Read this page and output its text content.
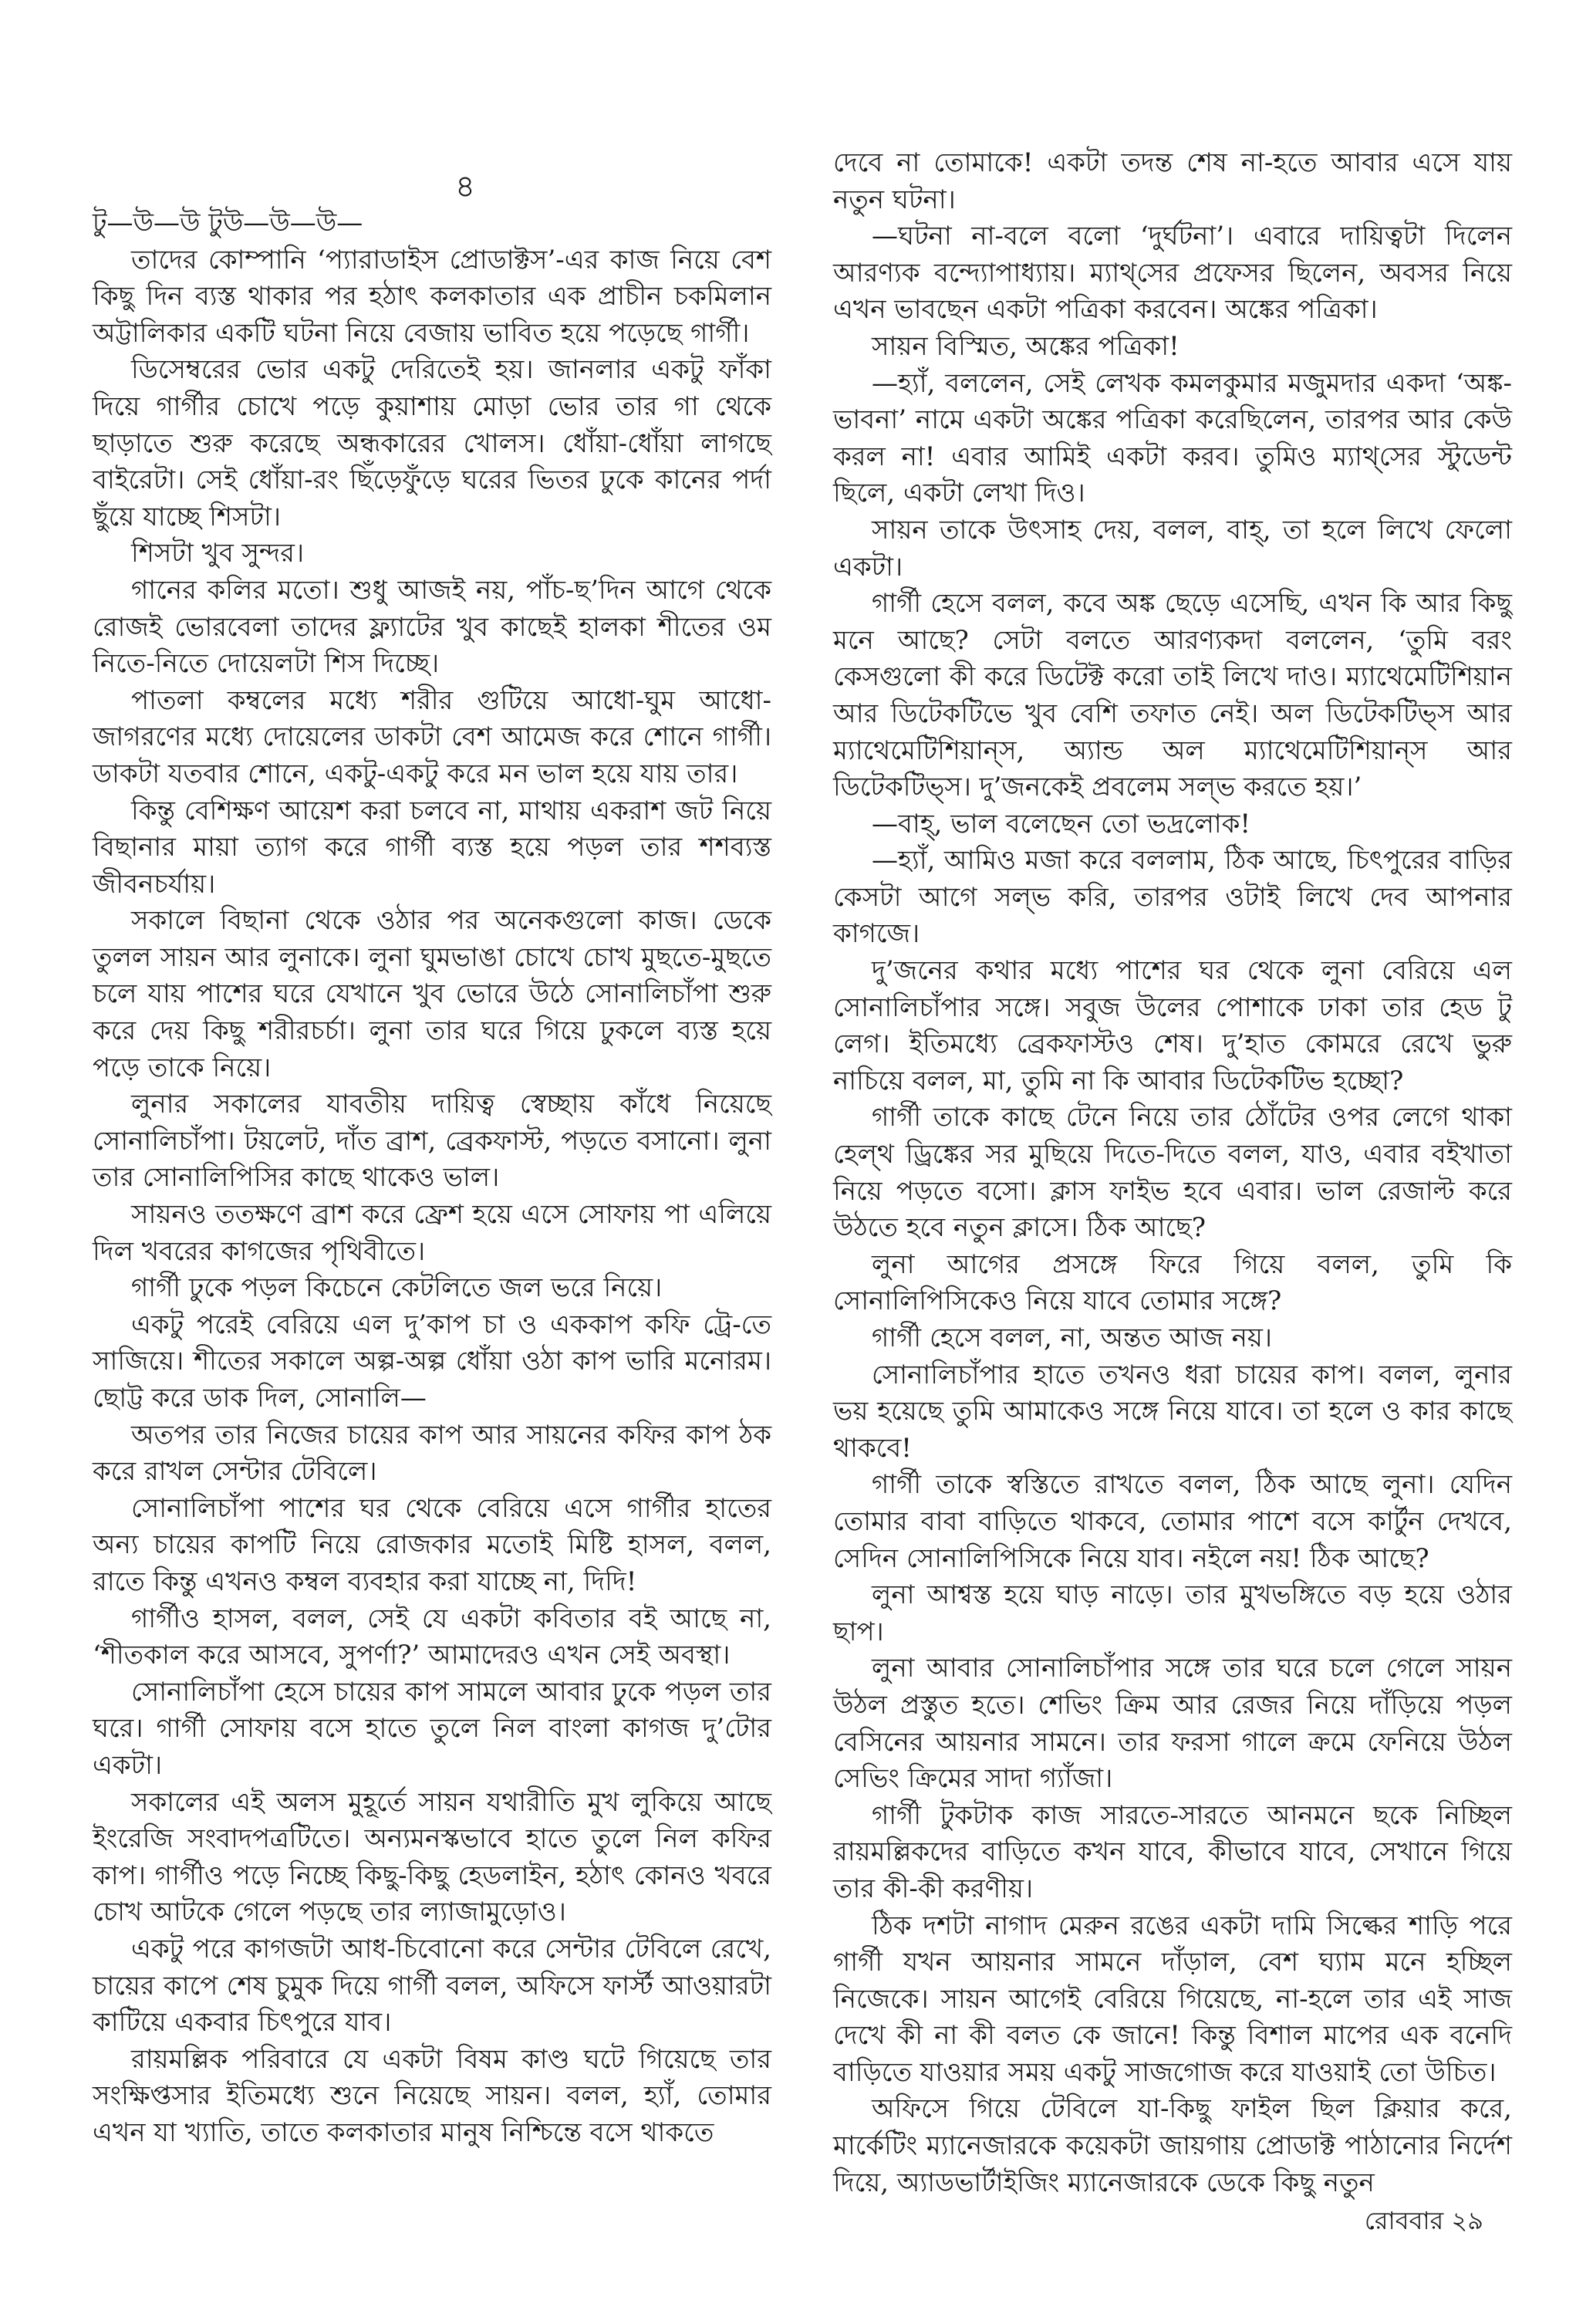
৪

টু—উ—উ টুউ—উ—উ—

তাদের কোম্পানি ‘প্যারাডাইস প্রোডাক্টস’-এর কাজ নিয়ে বেশ কিছু দিন ব্যস্ত থাকার পর হঠাৎ কলকাতার এক প্রাচীন চকমিলান অট্টালিকার একটি ঘটনা নিয়ে বেজায় ভাবিত হয়ে পড়েছে গার্গী।

ডিসেম্বরের ভোর একটু দেরিতেই হয়। জানলার একটু ফাঁকা দিয়ে গার্গীর চোখে পড়ে কুয়াশায় মোড়া ভোর তার গা থেকে ছাড়াতে শুরু করেছে অন্ধকারের খোলস। ধোঁয়া-ধোঁয়া লাগছে বাইরেটা। সেই ধোঁয়া-রং ছিঁড়েফুঁড়ে ঘরের ভিতর ঢুকে কানের পর্দা ছুঁয়ে যাচ্ছে শিসটা।

শিসটা খুব সুন্দর।

গানের কলির মতো। শুধু আজই নয়, পাঁচ-ছ’দিন আগে থেকে রোজই ভোরবেলা তাদের ফ্ল্যাটের খুব কাছেই হালকা শীতের ওম নিতে-নিতে দোয়েলটা শিস দিচ্ছে।

পাতলা কম্বলের মধ্যে শরীর গুটিয়ে আধো-ঘুম আধো-জাগরণের মধ্যে দোয়েলের ডাকটা বেশ আমেজ করে শোনে গার্গী। ডাকটা যতবার শোনে, একটু-একটু করে মন ভাল হয়ে যায় তার।

কিন্তু বেশিক্ষণ আয়েশ করা চলবে না, মাথায় একরাশ জট নিয়ে বিছানার মায়া ত্যাগ করে গার্গী ব্যস্ত হয়ে পড়ল তার শশব্যস্ত জীবনচর্যায়।

সকালে বিছানা থেকে ওঠার পর অনেকগুলো কাজ। ডেকে তুলল সায়ন আর লুনাকে। লুনা ঘুমভাঙা চোখে চোখ মুছতে-মুছতে চলে যায় পাশের ঘরে যেখানে খুব ভোরে উঠে সোনালিচাঁপা শুরু করে দেয় কিছু শরীরচর্চা। লুনা তার ঘরে গিয়ে ঢুকলে ব্যস্ত হয়ে পড়ে তাকে নিয়ে।

লুনার সকালের যাবতীয় দায়িত্ব স্বেচ্ছায় কাঁধে নিয়েছে সোনালিচাঁপা। টয়লেট, দাঁত ব্রাশ, ব্রেকফাস্ট, পড়তে বসানো। লুনা তার সোনালিপিসির কাছে থাকেও ভাল।

সায়নও ততক্ষণে ব্রাশ করে ফ্রেশ হয়ে এসে সোফায় পা এলিয়ে দিল খবরের কাগজের পৃথিবীতে।

গার্গী ঢুকে পড়ল কিচেনে কেটলিতে জল ভরে নিয়ে।

একটু পরেই বেরিয়ে এল দু’কাপ চা ও এককাপ কফি ট্রে-তে সাজিয়ে। শীতের সকালে অল্প-অল্প ধোঁয়া ওঠা কাপ ভারি মনোরম। ছোট্ট করে ডাক দিল, সোনালি—

অতপর তার নিজের চায়ের কাপ আর সায়নের কফির কাপ ঠক করে রাখল সেন্টার টেবিলে।

সোনালিচাঁপা পাশের ঘর থেকে বেরিয়ে এসে গার্গীর হাতের অন্য চায়ের কাপটি নিয়ে রোজকার মতোই মিষ্টি হাসল, বলল, রাতে কিন্তু এখনও কম্বল ব্যবহার করা যাচ্ছে না, দিদি!

গার্গীও হাসল, বলল, সেই যে একটা কবিতার বই আছে না, ‘শীতকাল করে আসবে, সুপর্ণা?’ আমাদেরও এখন সেই অবস্থা।

সোনালিচাঁপা হেসে চায়ের কাপ সামলে আবার ঢুকে পড়ল তার ঘরে। গার্গী সোফায় বসে হাতে তুলে নিল বাংলা কাগজ দু’টোর একটা।

সকালের এই অলস মুহূর্তে সায়ন যথারীতি মুখ লুকিয়ে আছে ইংরেজি সংবাদপত্রটিতে। অন্যমনস্কভাবে হাতে তুলে নিল কফির কাপ। গার্গীও পড়ে নিচ্ছে কিছু-কিছু হেডলাইন, হঠাৎ কোনও খবরে চোখ আটকে গেলে পড়ছে তার ল্যাজামুড়োও।

একটু পরে কাগজটা আধ-চিবোনো করে সেন্টার টেবিলে রেখে, চায়ের কাপে শেষ চুমুক দিয়ে গার্গী বলল, অফিসে ফার্স্ট আওয়ারটা কাটিয়ে একবার চিৎপুরে যাব।

রায়মল্লিক পরিবারে যে একটা বিষম কাণ্ড ঘটে গিয়েছে তার সংক্ষিপ্তসার ইতিমধ্যে শুনে নিয়েছে সায়ন। বলল, হ্যাঁ, তোমার এখন যা খ্যাতি, তাতে কলকাতার মানুষ নিশ্চিন্তে বসে থাকতে

দেবে না তোমাকে! একটা তদন্ত শেষ না-হতে আবার এসে যায় নতুন ঘটনা।

—ঘটনা না-বলে বলো ‘দুর্ঘটনা’। এবারে দায়িত্বটা দিলেন আরণ্যক বন্দ্যোপাধ্যায়। ম্যাথ্‌সের প্রফেসর ছিলেন, অবসর নিয়ে এখন ভাবছেন একটা পত্রিকা করবেন। অঙ্কের পত্রিকা।

সায়ন বিস্মিত, অঙ্কের পত্রিকা!

—হ্যাঁ, বললেন, সেই লেখক কমলকুমার মজুমদার একদা ‘অঙ্ক-ভাবনা’ নামে একটা অঙ্কের পত্রিকা করেছিলেন, তারপর আর কেউ করল না! এবার আমিই একটা করব। তুমিও ম্যাথ্‌সের স্টুডেন্ট ছিলে, একটা লেখা দিও।

সায়ন তাকে উৎসাহ দেয়, বলল, বাহ্‌, তা হলে লিখে ফেলো একটা।

গার্গী হেসে বলল, কবে অঙ্ক ছেড়ে এসেছি, এখন কি আর কিছু মনে আছে? সেটা বলতে আরণ্যকদা বললেন, ‘তুমি বরং কেসগুলো কী করে ডিটেক্ট করো তাই লিখে দাও। ম্যাথেমেটিশিয়ান আর ডিটেকটিভে খুব বেশি তফাত নেই। অল ডিটেকটিভ্‌স আর ম্যাথেমেটিশিয়ান্‌স, অ্যান্ড অল ম্যাথেমেটিশিয়ান্‌স আর ডিটেকটিভ্‌স। দু’জনকেই প্রবলেম সল্‌ভ করতে হয়।’

—বাহ্‌, ভাল বলেছেন তো ভদ্রলোক!

—হ্যাঁ, আমিও মজা করে বললাম, ঠিক আছে, চিৎপুরের বাড়ির কেসটা আগে সল্‌ভ করি, তারপর ওটাই লিখে দেব আপনার কাগজে।

দু’জনের কথার মধ্যে পাশের ঘর থেকে লুনা বেরিয়ে এল সোনালিচাঁপার সঙ্গে। সবুজ উলের পোশাকে ঢাকা তার হেড টু লেগ। ইতিমধ্যে ব্রেকফাস্টও শেষ। দু’হাত কোমরে রেখে ভুরু নাচিয়ে বলল, মা, তুমি না কি আবার ডিটেকটিভ হচ্ছো?

গার্গী তাকে কাছে টেনে নিয়ে তার ঠোঁটের ওপর লেগে থাকা হেল্‌থ ড্রিঙ্কের সর মুছিয়ে দিতে-দিতে বলল, যাও, এবার বইখাতা নিয়ে পড়তে বসো। ক্লাস ফাইভ হবে এবার। ভাল রেজাল্ট করে উঠতে হবে নতুন ক্লাসে। ঠিক আছে?

লুনা আগের প্রসঙ্গে ফিরে গিয়ে বলল, তুমি কি সোনালিপিসিকেও নিয়ে যাবে তোমার সঙ্গে?

গার্গী হেসে বলল, না, অন্তত আজ নয়।

সোনালিচাঁপার হাতে তখনও ধরা চায়ের কাপ। বলল, লুনার ভয় হয়েছে তুমি আমাকেও সঙ্গে নিয়ে যাবে। তা হলে ও কার কাছে থাকবে!

গার্গী তাকে স্বস্তিতে রাখতে বলল, ঠিক আছে লুনা। যেদিন তোমার বাবা বাড়িতে থাকবে, তোমার পাশে বসে কার্টুন দেখবে, সেদিন সোনালিপিসিকে নিয়ে যাব। নইলে নয়! ঠিক আছে?

লুনা আশ্বস্ত হয়ে ঘাড় নাড়ে। তার মুখভঙ্গিতে বড় হয়ে ওঠার ছাপ।

লুনা আবার সোনালিচাঁপার সঙ্গে তার ঘরে চলে গেলে সায়ন উঠল প্রস্তুত হতে। শেভিং ক্রিম আর রেজর নিয়ে দাঁড়িয়ে পড়ল বেসিনের আয়নার সামনে। তার ফরসা গালে ক্রমে ফেনিয়ে উঠল সেভিং ক্রিমের সাদা গ্যাঁজা।

গার্গী টুকটাক কাজ সারতে-সারতে আনমনে ছকে নিচ্ছিল রায়মল্লিকদের বাড়িতে কখন যাবে, কীভাবে যাবে, সেখানে গিয়ে তার কী-কী করণীয়।

ঠিক দশটা নাগাদ মেরুন রঙের একটা দামি সিল্কের শাড়ি পরে গার্গী যখন আয়নার সামনে দাঁড়াল, বেশ ঘ্যাম মনে হচ্ছিল নিজেকে। সায়ন আগেই বেরিয়ে গিয়েছে, না-হলে তার এই সাজ দেখে কী না কী বলত কে জানে! কিন্তু বিশাল মাপের এক বনেদি বাড়িতে যাওয়ার সময় একটু সাজগোজ করে যাওয়াই তো উচিত।

অফিসে গিয়ে টেবিলে যা-কিছু ফাইল ছিল ক্লিয়ার করে, মার্কেটিং ম্যানেজারকে কয়েকটা জায়গায় প্রোডাক্ট পাঠানোর নির্দেশ দিয়ে, অ্যাডভার্টাইজিং ম্যানেজারকে ডেকে কিছু নতুন

রোববার ২৯
